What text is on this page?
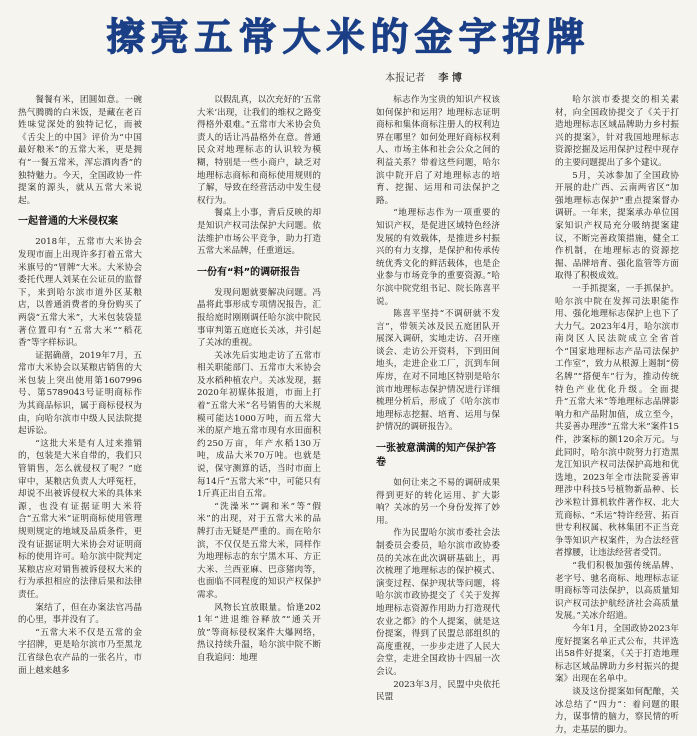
擦亮五常大米的金字招牌
本报记者 李 博

餐餐有米，团圆如意。一碗热气腾腾的白米饭，是藏在老百姓味觉深处的独特记忆，而被《舌尖上的中国》评价为“中国最好粮米”的五常大米，更是拥有“一餐五常米，浑忘酒肉香”的独特魅力。今天，全国政协一件提案的源头，就从五常大米说起。

一起普通的大米侵权案

2018年，五常市大米协会发现市面上出现许多打着五常大米旗号的“冒牌”大米。大米协会委托代理人刘某在公证员的监督下，来到哈尔滨市道外区某粮店，以普通消费者的身份购买了两袋“五常大米”，大米包装袋显著位置印有“五常大米”“稻花香”等字样标识。

证据确凿，2019年7月，五常市大米协会以某粮店销售的大米包装上突出使用第1607996号、第5789043号证明商标作为其商品标识，属于商标侵权为由，向哈尔滨市中级人民法院提起诉讼。

“这批大米是有人过来推销的，包装是大米自带的，我们只管销售，怎么就侵权了呢？”庭审中，某粮店负责人大呼冤枉，却说不出被诉侵权大米的具体来源，也没有证据证明大米符合“五常大米”证明商标使用管理规则规定的地域及品质条件，更没有证据证明大米协会对证明商标的使用许可。哈尔滨中院判定某粮店应对销售被诉侵权大米的行为承担相应的法律后果和法律责任。

案结了，但在办案法官冯晶的心里，事并没有了。

“五常大米不仅是五常的金字招牌，更是哈尔滨市乃至黑龙江省绿色农产品的一张名片，市面上越来越多

以假乱真，以次充好的‘五常大米’出现，让我们的维权之路变得格外艰难。”五常市大米协会负责人的话让冯晶格外在意。普通民众对地理标志的认识较为模糊，特别是一些小商户，缺乏对地理标志商标和商标使用规则的了解，导致在经营活动中发生侵权行为。

餐桌上小事，背后反映的却是知识产权司法保护大问题。依法维护市场公平竞争，助力打造五常大米品牌，任重道远。

一份有“料”的调研报告

发现问题就要解决问题。冯晶将此事形成专项情况报告，汇报给庭时刚刚调任哈尔滨中院民事审判第五庭庭长关冰，并引起了关冰的重视。

关冰先后实地走访了五常市相关职能部门、五常市大米协会及水稻种植农户。关冰发现，据2020年初媒体报道，市面上打着“五常大米”名号销售的大米规模可能达1000万吨，而五常大米的原产地五常市现有水田面积约250万亩，年产水稻130万吨，成品大米70万吨。也就是说，保守测算的话，当时市面上每14斤“五常大米”中，可能只有1斤真正出自五常。

“洗澡米”“调和米”等“假米”的出现，对于五常大米的品牌打击无疑是严重的。而在哈尔滨，不仅仅是五常大米，同样作为地理标志的东宁黑木耳、方正大米、兰西亚麻、巴彦猪肉等，也面临不同程度的知识产权保护需求。

风物长宜放眼量。恰逢2021年“进退维谷释放”“通关开放”等商标侵权案件大爆网络，热议持续升温，哈尔滨中院不断自我追问：地理

标志作为宝贵的知识产权该如何保护和运用？地理标志证明商标和集体商标注册人的权利边界在哪里？如何处理好商标权利人、市场主体和社会公众之间的利益关系？带着这些问题，哈尔滨中院开启了对地理标志的培育、挖掘、运用和司法保护之路。

“地理标志作为一项重要的知识产权，是促进区域特色经济发展的有效载体，是推进乡村振兴的有力支撑，是保护和传承传统优秀文化的鲜活载体，也是企业参与市场竞争的重要资源。”哈尔滨中院党组书记、院长陈喜平说。

陈喜平坚持“不调研就不发言”，带领关冰及民五庭团队开展深入调研，实地走访、召开座谈会、走访公开资料，下到田间地头，走进企业工厂，沉到车间库房，在对不同地区特别是哈尔滨市地理标志保护情况进行详细梳理分析后，形成了《哈尔滨市地理标志挖掘、培育、运用与保护情况的调研报告》。

一张被意满满的知产保护答卷

如何让来之不易的调研成果得到更好的转化运用、扩大影响？关冰的另一个身份发挥了妙用。

作为民盟哈尔滨市委社会法制委员会委员，哈尔滨市政协委员的关冰在此次调研基础上，再次梳理了地理标志的保护模式、演变过程、保护现状等问题，将哈尔滨市政协提交了《关于发挥地理标志资源作用助力打造现代农业之都》的个人提案，就是这份提案，得到了民盟总部组织的高度重视，一步步走进了人民大会堂，走进全国政协十四届一次会议。

2023年3月，民盟中央依托民盟

哈尔滨市委提交的相关素材，向全国政协提交了《关于打造地理标志区域品牌助力乡村振兴的提案》，针对我国地理标志资源挖掘及运用保护过程中现存的主要问题提出了多个建议。

5月，关冰参加了全国政协开展的赴广西、云南两省区“加强地理标志保护”重点提案督办调研。一年来，提案承办单位国家知识产权局充分吸纳提案建议，不断完善政策措施，健全工作机制，在地理标志的资源挖掘、品牌培育、强化监管等方面取得了积极成效。

一手抓提案，一手抓保护。哈尔滨中院在发挥司法职能作用、强化地理标志保护上也下了大力气。2023年4月，哈尔滨市南岗区人民法院成立全省首个“国家地理标志产品司法保护工作室”，致力从根源上遏制“傍名牌”“搭便车”行为，推动传统特色产业优化升级。全面提升“五常大米”等地理标志品牌影响力和产品附加值，成立至今，共妥善办理涉“五常大米”案件15件，涉案标的额120余万元。与此同时，哈尔滨中院努力打造黑龙江知识产权司法保护高地和优选地，2023年全市法院妥善审理涉中科技5号植物新品种、长沙米粒计算机软件著作权、北大荒商标、“禾运”特许经营、拓百世专利权属、秋林集团不正当竞争等知识产权案件，为合法经营者撑腰，让违法经营者受罚。

“我们积极加强传统品牌、老字号、驰名商标、地理标志证明商标等司法保护，以高质量知识产权司法护航经济社会高质量发展。”关冰介绍道。

今年1月，全国政协2023年度好提案名单正式公布，共评选出58件好提案，《关于打造地理标志区域品牌助力乡村振兴的提案》出现在名单中。

谈及这份提案如何配酿，关冰总结了“四力”：着问题的眼力，谋事情的脑力，察民情的听力，走基层的脚力。
